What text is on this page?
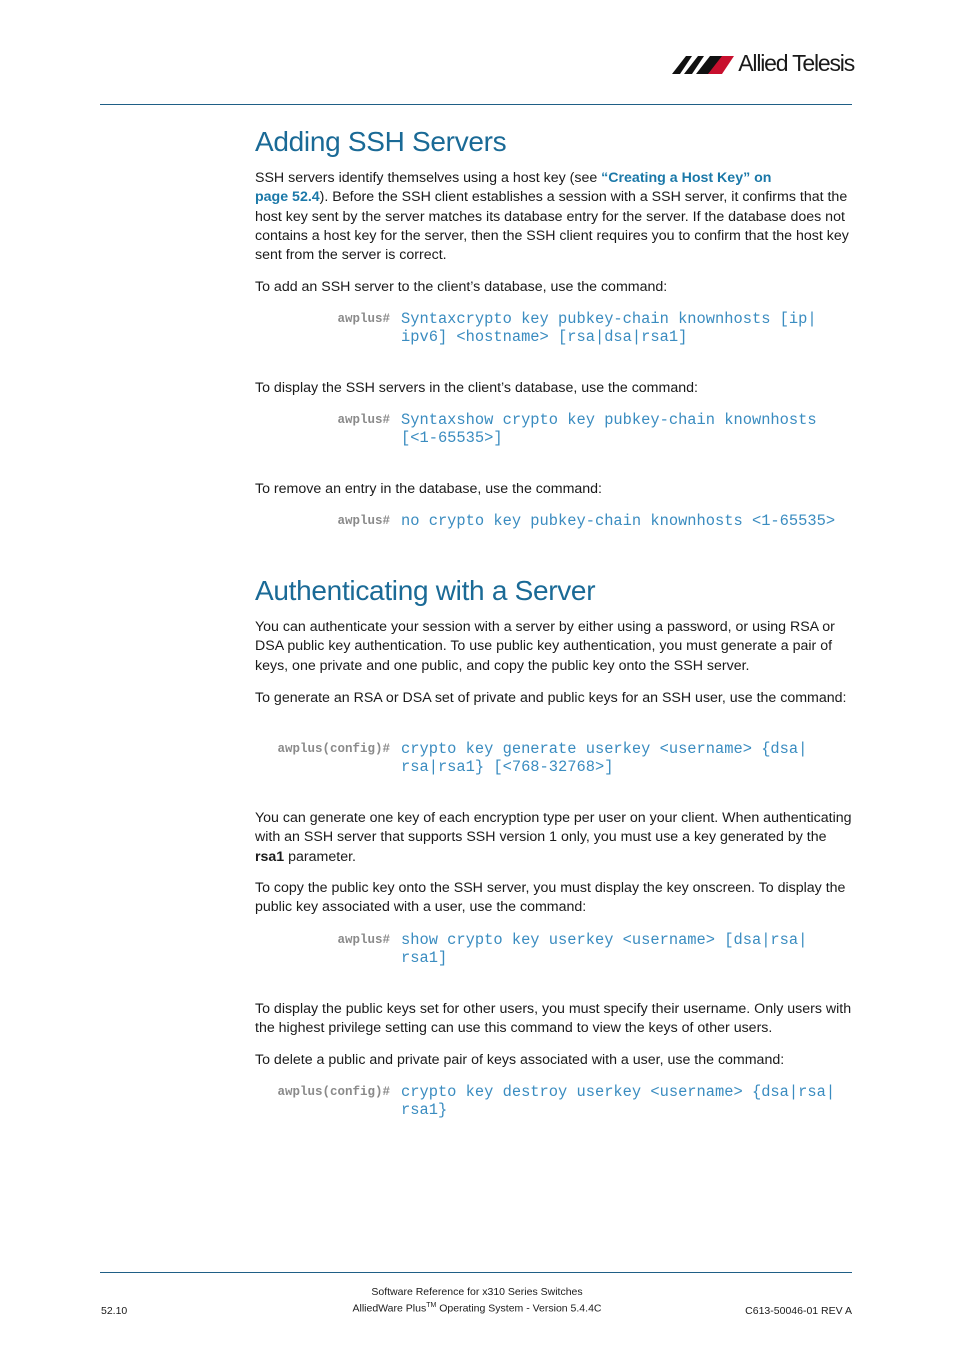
Allied Telesis
Adding SSH Servers

SSH servers identify themselves using a host key (see “Creating a Host Key” on
page 52.4). Before the SSH client establishes a session with a SSH server, it confirms that the host key sent by the server matches its database entry for the server. If the database does not contains a host key for the server, then the SSH client requires you to confirm that the host key sent from the server is correct.

To add an SSH server to the client’s database, use the command:

awplus# Syntaxcrypto key pubkey-chain knownhosts [ip|
ipv6] <hostname> [rsa|dsa|rsa1]

To display the SSH servers in the client’s database, use the command:

awplus# Syntaxshow crypto key pubkey-chain knownhosts
[<1-65535>]

To remove an entry in the database, use the command:

awplus# no crypto key pubkey-chain knownhosts <1-65535>
Authenticating with a Server

You can authenticate your session with a server by either using a password, or using RSA or DSA public key authentication. To use public key authentication, you must generate a pair of keys, one private and one public, and copy the public key onto the SSH server.

To generate an RSA or DSA set of private and public keys for an SSH user, use the command:

awplus(config)# crypto key generate userkey <username> {dsa|
rsa|rsa1} [<768-32768>]

You can generate one key of each encryption type per user on your client. When authenticating with an SSH server that supports SSH version 1 only, you must use a key generated by the rsa1 parameter.

To copy the public key onto the SSH server, you must display the key onscreen. To display the public key associated with a user, use the command:

awplus# show crypto key userkey <username> [dsa|rsa|
rsa1]

To display the public keys set for other users, you must specify their username. Only users with the highest privilege setting can use this command to view the keys of other users.

To delete a public and private pair of keys associated with a user, use the command:

awplus(config)# crypto key destroy userkey <username> {dsa|rsa|
rsa1}
Software Reference for x310 Series Switches
AlliedWare Plus™ Operating System - Version 5.4.4C
52.10	C613-50046-01 REV A
